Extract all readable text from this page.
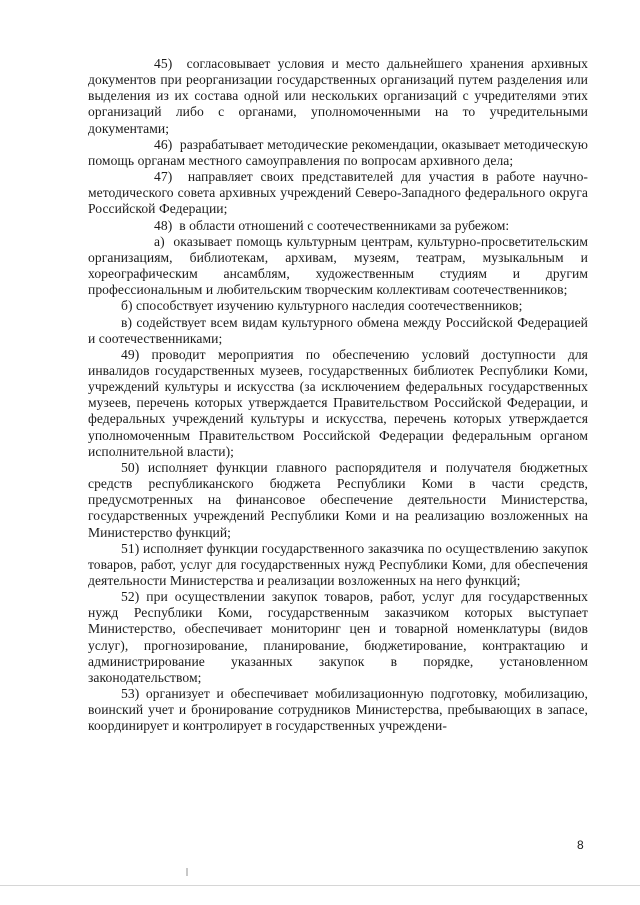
45) согласовывает условия и место дальнейшего хранения архивных документов при реорганизации государственных организаций путем разделения или выделения из их состава одной или нескольких организаций с учредителями этих организаций либо с органами, уполномоченными на то учредительными документами;

46) разрабатывает методические рекомендации, оказывает методическую помощь органам местного самоуправления по вопросам архивного дела;

47) направляет своих представителей для участия в работе научно-методического совета архивных учреждений Северо-Западного федерального округа Российской Федерации;

48) в области отношений с соотечественниками за рубежом:

а) оказывает помощь культурным центрам, культурно-просветительским организациям, библиотекам, архивам, музеям, театрам, музыкальным и хореографическим ансамблям, художественным студиям и другим профессиональным и любительским творческим коллективам соотечественников;

б) способствует изучению культурного наследия соотечественников;

в) содействует всем видам культурного обмена между Российской Федерацией и соотечественниками;

49) проводит мероприятия по обеспечению условий доступности для инвалидов государственных музеев, государственных библиотек Республики Коми, учреждений культуры и искусства (за исключением федеральных государственных музеев, перечень которых утверждается Правительством Российской Федерации, и федеральных учреждений культуры и искусства, перечень которых утверждается уполномоченным Правительством Российской Федерации федеральным органом исполнительной власти);

50) исполняет функции главного распорядителя и получателя бюджетных средств республиканского бюджета Республики Коми в части средств, предусмотренных на финансовое обеспечение деятельности Министерства, государственных учреждений Республики Коми и на реализацию возложенных на Министерство функций;

51) исполняет функции государственного заказчика по осуществлению закупок товаров, работ, услуг для государственных нужд Республики Коми, для обеспечения деятельности Министерства и реализации возложенных на него функций;

52) при осуществлении закупок товаров, работ, услуг для государственных нужд Республики Коми, государственным заказчиком которых выступает Министерство, обеспечивает мониторинг цен и товарной номенклатуры (видов услуг), прогнозирование, планирование, бюджетирование, контрактацию и администрирование указанных закупок в порядке, установленном законодательством;

53) организует и обеспечивает мобилизационную подготовку, мобилизацию, воинский учет и бронирование сотрудников Министерства, пребывающих в запасе, координирует и контролирует в государственных учреждени-

8
